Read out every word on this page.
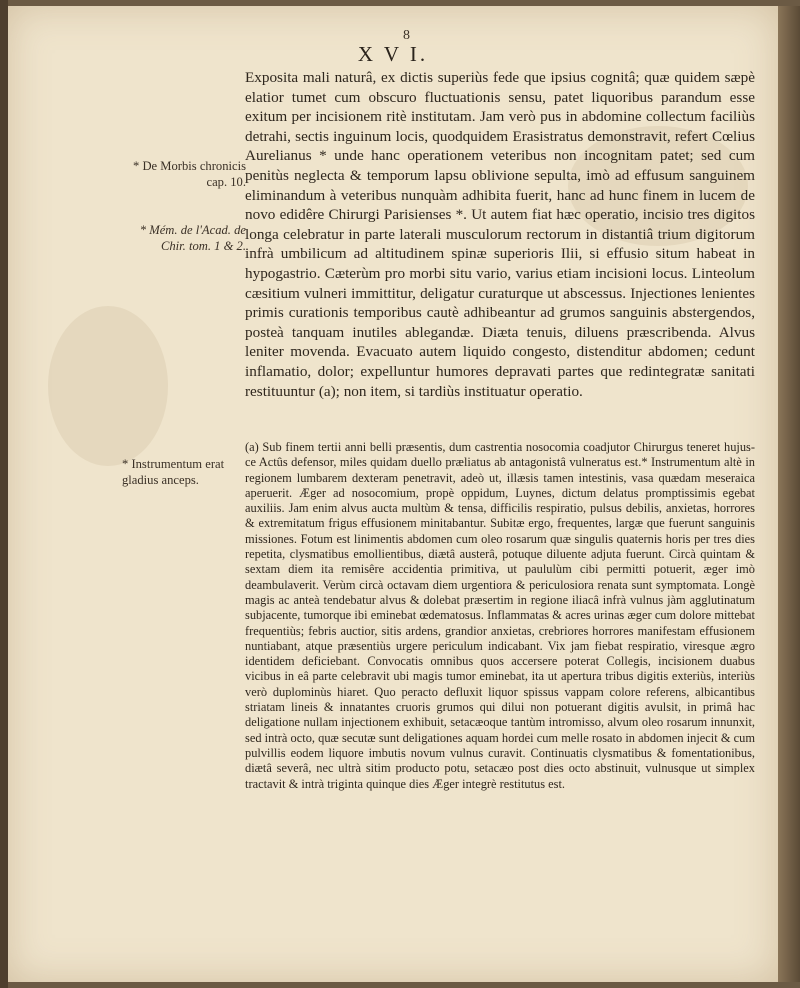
8
X V I.
* De Morbis chronicis cap. 10.
* Mém. de l'Acad. de Chir. tom. 1 & 2.
* Instrumentum erat gladius anceps.

Exposita mali naturâ, ex dictis superiùs fede que ipsius cognitâ; quæ quidem sæpè elatior tumet cum obscuro fluctuationis sensu, patet liquoribus parandum esse exitum per incisionem ritè institutam. Jam verò pus in abdomine collectum faciliùs detrahi, sectis inguinum locis, quodquidem Erasistratus demonstravit, refert Cœlius Aurelianus * unde hanc operationem veteribus non incognitam patet; sed cum penitùs neglecta & temporum lapsu oblivione sepulta, imò ad effusum sanguinem eliminandum à veteribus nunquàm adhibita fuerit, hanc ad hunc finem in lucem de novo edidêre Chirurgi Parisienses *. Ut autem fiat hæc operatio, incisio tres digitos longa celebratur in parte laterali musculorum rectorum in distantiâ trium digitorum infrà umbilicum ad altitudinem spinæ superioris Ilii, si effusio situm habeat in hypogastrio. Cæterùm pro morbi situ vario, varius etiam incisioni locus. Linteolum cæsitium vulneri immittitur, deligatur curaturque ut abscessus. Injectiones lenientes primis curationis temporibus cautè adhibeantur ad grumos sanguinis abstergendos, posteà tanquam inutiles ablegandæ. Diæta tenuis, diluens præscribenda. Alvus leniter movenda. Evacuato autem liquido congesto, distenditur abdomen; cedunt inflamatio, dolor; expelluntur humores depravati partes que redintegratæ sanitati restituuntur (a); non item, si tardiùs instituatur operatio.

(a) Sub finem tertii anni belli præsentis, dum castrentia nosocomia coadjutor Chirurgus teneret hujus-ce Actûs defensor, miles quidam duello præliatus ab antagonistâ vulneratus est.* Instrumentum altè in regionem lumbarem dexteram penetravit, adeò ut, illæsis tamen intestinis, vasa quædam meseraica aperuerit. Æger ad nosocomium, propè oppidum, Luynes, dictum delatus promptissimis egebat auxiliis. Jam enim alvus aucta multùm & tensa, difficilis respiratio, pulsus debilis, anxietas, horrores & extremitatum frigus effusionem minitabantur. Subitæ ergo, frequentes, largæ que fuerunt sanguinis missiones. Fotum est linimentis abdomen cum oleo rosarum quæ singulis quaternis horis per tres dies repetita, clysmatibus emollientibus, diætâ austerâ, potuque diluente adjuta fuerunt. Circà quintam & sextam diem ita remisêre accidentia primitiva, ut paululùm cibi permitti potuerit, æger imò deambulaverit. Verùm circà octavam diem urgentiora & periculosiora renata sunt symptomata. Longè magis ac anteà tendebatur alvus & dolebat præsertim in regione iliacâ infrà vulnus jàm agglutinatum subjacente, tumorque ibi eminebat œdematosus. Inflammatas & acres urinas æger cum dolore mittebat frequentiùs; febris auctior, sitis ardens, grandior anxietas, crebriores horrores manifestam effusionem nuntiabant, atque præsentiùs urgere periculum indicabant. Vix jam fiebat respiratio, viresque ægro identidem deficiebant. Convocatis omnibus quos accersere poterat Collegis, incisionem duabus vicibus in eâ parte celebravit ubi magis tumor eminebat, ita ut apertura tribus digitis exteriùs, interiùs verò duplominùs hiaret. Quo peracto defluxit liquor spissus vappam colore referens, albicantibus striatam lineis & innatantes cruoris grumos qui dilui non potuerant digitis avulsit, in primâ hac deligatione nullam injectionem exhibuit, setacæoque tantùm intromisso, alvum oleo rosarum innunxit, sed intrà octo, quæ secutæ sunt deligationes aquam hordei cum melle rosato in abdomen injecit & cum pulvillis eodem liquore imbutis novum vulnus curavit. Continuatis clysmatibus & fomentationibus, diætâ severâ, nec ultrà sitim producto potu, setacæo post dies octo abstinuit, vulnusque ut simplex tractavit & intrà triginta quinque dies Æger integrè restitutus est.
